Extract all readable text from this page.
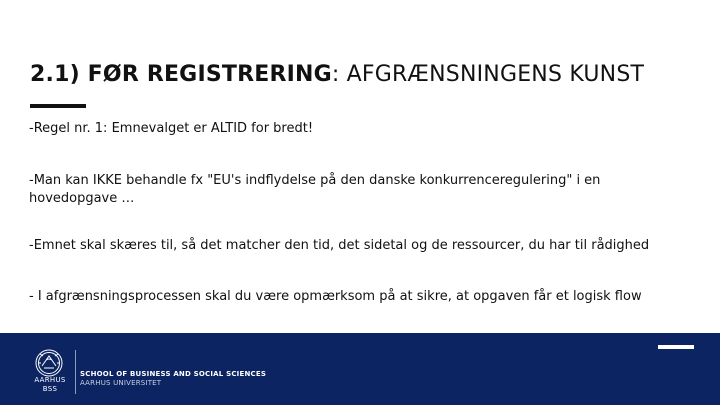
2.1) FØR REGISTRERING: AFGRÆNSNINGENS KUNST

-Regel nr. 1: Emnevalget er ALTID for bredt!

-Man kan IKKE behandle fx "EU's indflydelse på den danske konkurrenceregulering" i en hovedopgave …

-Emnet skal skæres til, så det matcher den tid, det sidetal og de ressourcer, du har til rådighed

- I afgrænsningsprocessen skal du være opmærksom på at sikre, at opgaven får et logisk flow

AARHUS
BSS
SCHOOL OF BUSINESS AND SOCIAL SCIENCES
AARHUS UNIVERSITET
